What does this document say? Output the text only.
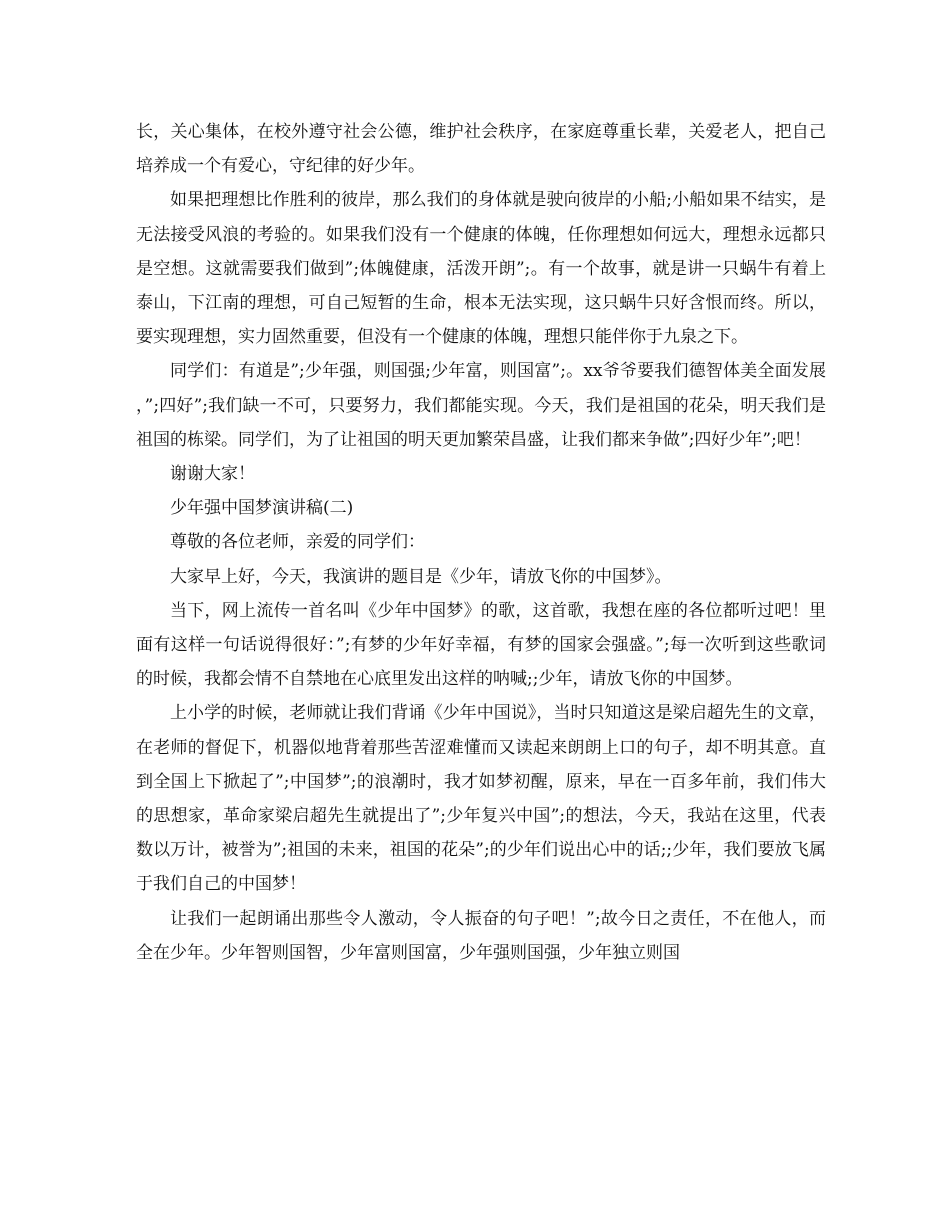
长，关心集体，在校外遵守社会公德，维护社会秩序，在家庭尊重长辈，关爱老人，把自己培养成一个有爱心，守纪律的好少年。

如果把理想比作胜利的彼岸，那么我们的身体就是驶向彼岸的小船;小船如果不结实，是无法接受风浪的考验的。如果我们没有一个健康的体魄，任你理想如何远大，理想永远都只是空想。这就需要我们做到”;体魄健康，活泼开朗”;。有一个故事，就是讲一只蜗牛有着上泰山，下江南的理想，可自己短暂的生命，根本无法实现，这只蜗牛只好含恨而终。所以，要实现理想，实力固然重要，但没有一个健康的体魄，理想只能伴你于九泉之下。

同学们：有道是”;少年强，则国强;少年富，则国富”;。xx爷爷要我们德智体美全面发展，”;四好”;我们缺一不可，只要努力，我们都能实现。今天，我们是祖国的花朵，明天我们是祖国的栋梁。同学们，为了让祖国的明天更加繁荣昌盛，让我们都来争做”;四好少年”;吧！

谢谢大家！

少年强中国梦演讲稿(二)

尊敬的各位老师，亲爱的同学们：

大家早上好，今天，我演讲的题目是《少年，请放飞你的中国梦》。

当下，网上流传一首名叫《少年中国梦》的歌，这首歌，我想在座的各位都听过吧！里面有这样一句话说得很好：”;有梦的少年好幸福，有梦的国家会强盛。”;每一次听到这些歌词的时候，我都会情不自禁地在心底里发出这样的呐喊;;少年，请放飞你的中国梦。

上小学的时候，老师就让我们背诵《少年中国说》，当时只知道这是梁启超先生的文章，在老师的督促下，机器似地背着那些苦涩难懂而又读起来朗朗上口的句子，却不明其意。直到全国上下掀起了”;中国梦”;的浪潮时，我才如梦初醒，原来，早在一百多年前，我们伟大的思想家，革命家梁启超先生就提出了”;少年复兴中国”;的想法，今天，我站在这里，代表数以万计，被誉为”;祖国的未来，祖国的花朵”;的少年们说出心中的话;;少年，我们要放飞属于我们自己的中国梦！

让我们一起朗诵出那些令人激动，令人振奋的句子吧！”;故今日之责任，不在他人，而全在少年。少年智则国智，少年富则国富，少年强则国强，少年独立则国
